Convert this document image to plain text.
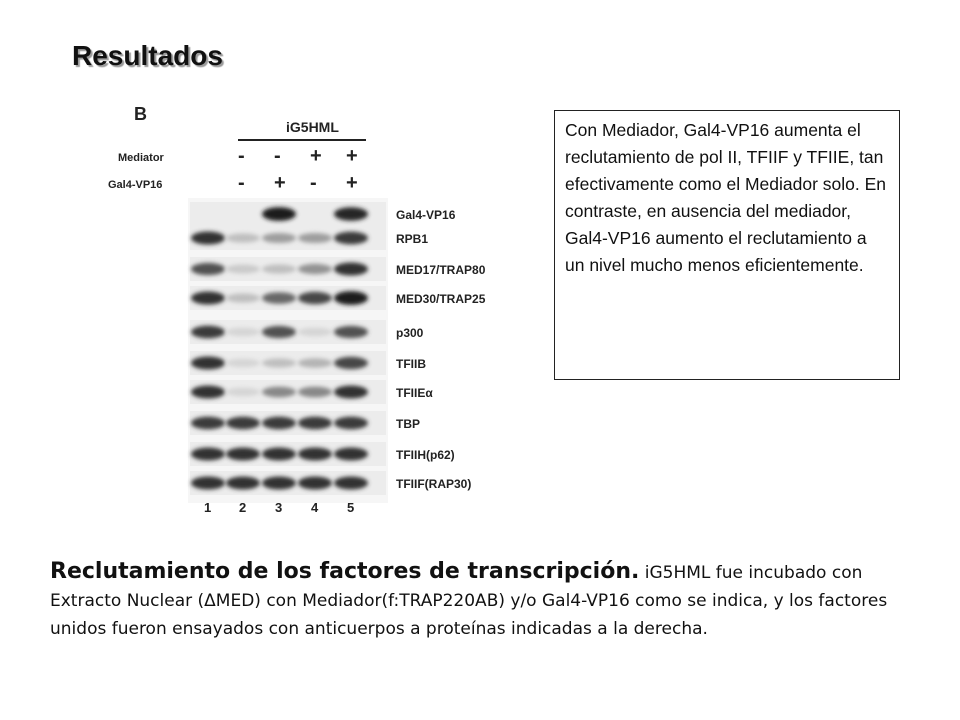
Resultados
B
iG5HML
Mediator
Gal4-VP16
- - + +
- + - +
Gal4-VP16
RPB1
MED17/TRAP80
MED30/TRAP25
p300
TFIIB
TFIIEα
TBP
TFIIH(p62)
TFIIF(RAP30)
1 2 3 4 5
Con Mediador, Gal4-VP16 aumenta el reclutamiento de pol II, TFIIF y TFIIE, tan efectivamente como el Mediador solo. En contraste, en ausencia del mediador, Gal4-VP16 aumento el reclutamiento a un nivel mucho menos eficientemente.
Reclutamiento de los factores de transcripción. iG5HML fue incubado con Extracto Nuclear (ΔMED) con Mediador(f:TRAP220AB) y/o Gal4-VP16 como se indica, y los factores unidos fueron ensayados con anticuerpos a proteínas indicadas a la derecha.
